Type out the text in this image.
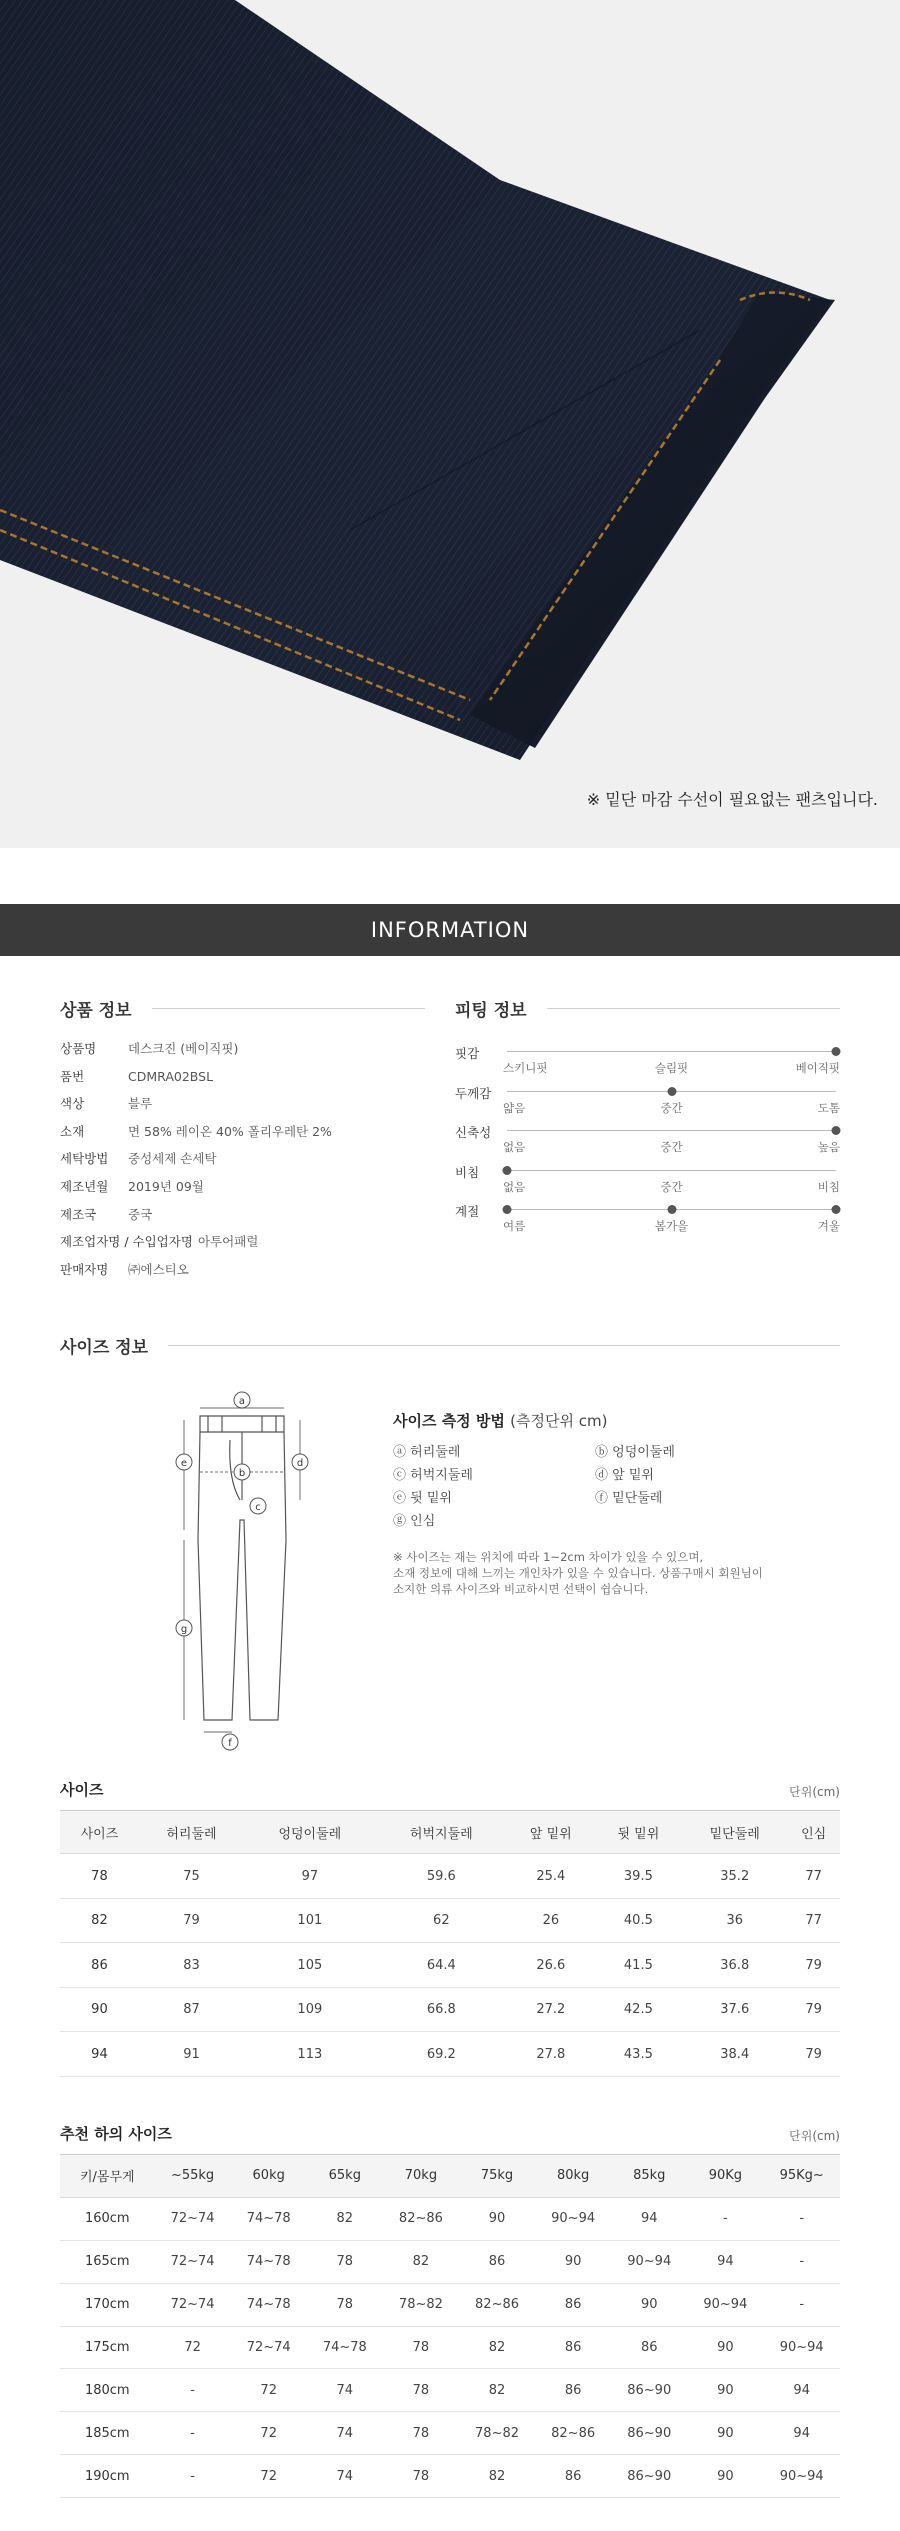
※ 밑단 마감 수선이 필요없는 팬츠입니다.
INFORMATION
상품 정보
상품명	데스크진 (베이직핏)
품번	CDMRA02BSL
색상	블루
소재	면 58% 레이온 40% 폴리우레탄 2%
세탁방법	중성세제 손세탁
제조년월	2019년 09월
제조국	중국
제조업자명 / 수입업자명 아투어패럴
판매자명	㈜에스티오
피팅 정보
핏감
스키니핏	슬림핏	베이직핏
두께감
얇음	중간	도톰
신축성
없음	중간	높음
비침
없음	중간	비침
계절
여름	봄가을	겨울
사이즈 정보
a
b
c
d
e
f
g
사이즈 측정 방법 (측정단위 cm)
ⓐ 허리둘레	ⓑ 엉덩이둘레
ⓒ 허벅지둘레	ⓓ 앞 밑위
ⓔ 뒷 밑위	ⓕ 밑단둘레
ⓖ 인심
※ 사이즈는 재는 위치에 따라 1~2cm 차이가 있을 수 있으며,
소재 정보에 대해 느끼는 개인차가 있을 수 있습니다. 상품구매시 회원님이
소지한 의류 사이즈와 비교하시면 선택이 쉽습니다.
사이즈	단위(cm)
사이즈	허리둘레	엉덩이둘레	허벅지둘레	앞 밑위	뒷 밑위	밑단둘레	인심
78	75	97	59.6	25.4	39.5	35.2	77
82	79	101	62	26	40.5	36	77
86	83	105	64.4	26.6	41.5	36.8	79
90	87	109	66.8	27.2	42.5	37.6	79
94	91	113	69.2	27.8	43.5	38.4	79
추천 하의 사이즈	단위(cm)
키/몸무게	~55kg	60kg	65kg	70kg	75kg	80kg	85kg	90Kg	95Kg~
160cm	72~74	74~78	82	82~86	90	90~94	94	-	-
165cm	72~74	74~78	78	82	86	90	90~94	94	-
170cm	72~74	74~78	78	78~82	82~86	86	90	90~94	-
175cm	72	72~74	74~78	78	82	86	86	90	90~94
180cm	-	72	74	78	82	86	86~90	90	94
185cm	-	72	74	78	78~82	82~86	86~90	90	94
190cm	-	72	74	78	82	86	86~90	90	90~94
